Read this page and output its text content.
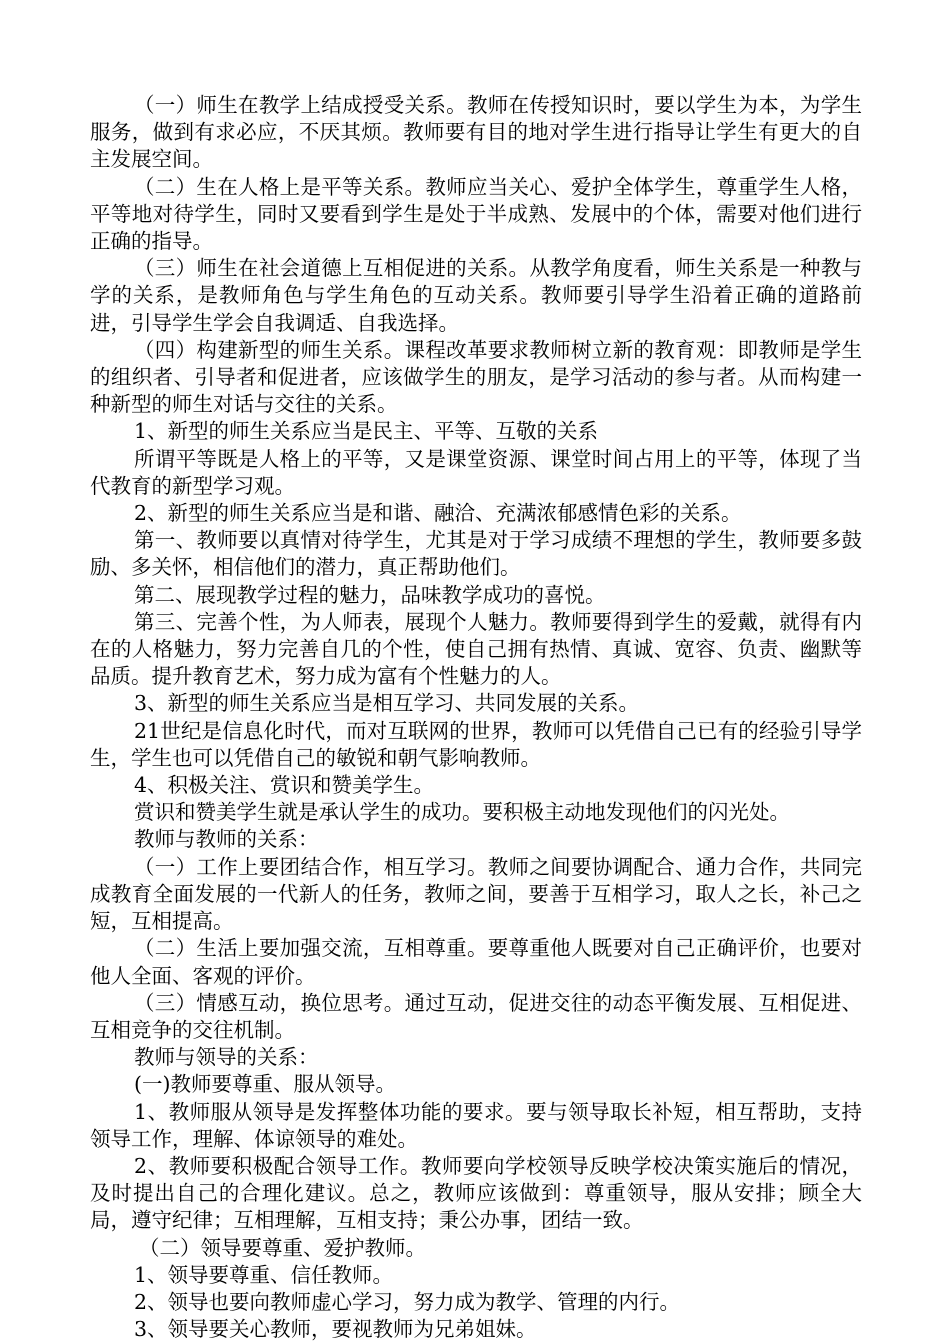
（一）师生在教学上结成授受关系。教师在传授知识时，要以学生为本，为学生服务，做到有求必应，不厌其烦。教师要有目的地对学生进行指导让学生有更大的自主发展空间。

（二）生在人格上是平等关系。教师应当关心、爱护全体学生，尊重学生人格，平等地对待学生，同时又要看到学生是处于半成熟、发展中的个体，需要对他们进行正确的指导。

（三）师生在社会道德上互相促进的关系。从教学角度看，师生关系是一种教与学的关系，是教师角色与学生角色的互动关系。教师要引导学生沿着正确的道路前进，引导学生学会自我调适、自我选择。

（四）构建新型的师生关系。课程改革要求教师树立新的教育观：即教师是学生的组织者、引导者和促进者，应该做学生的朋友，是学习活动的参与者。从而构建一种新型的师生对话与交往的关系。

1、新型的师生关系应当是民主、平等、互敬的关系

所谓平等既是人格上的平等，又是课堂资源、课堂时间占用上的平等，体现了当代教育的新型学习观。

2、新型的师生关系应当是和谐、融洽、充满浓郁感情色彩的关系。

第一、教师要以真情对待学生，尤其是对于学习成绩不理想的学生，教师要多鼓励、多关怀，相信他们的潜力，真正帮助他们。

第二、展现教学过程的魅力，品味教学成功的喜悦。

第三、完善个性，为人师表，展现个人魅力。教师要得到学生的爱戴，就得有内在的人格魅力，努力完善自几的个性，使自己拥有热情、真诚、宽容、负责、幽默等品质。提升教育艺术，努力成为富有个性魅力的人。

3、新型的师生关系应当是相互学习、共同发展的关系。

21世纪是信息化时代，而对互联网的世界，教师可以凭借自己已有的经验引导学生，学生也可以凭借自己的敏锐和朝气影响教师。

4、积极关注、赏识和赞美学生。

赏识和赞美学生就是承认学生的成功。要积极主动地发现他们的闪光处。

教师与教师的关系：

（一）工作上要团结合作，相互学习。教师之间要协调配合、通力合作，共同完成教育全面发展的一代新人的任务，教师之间，要善于互相学习，取人之长，补己之短，互相提高。

（二）生活上要加强交流，互相尊重。要尊重他人既要对自己正确评价，也要对他人全面、客观的评价。

（三）情感互动，换位思考。通过互动，促进交往的动态平衡发展、互相促进、互相竞争的交往机制。

教师与领导的关系：

(一)教师要尊重、服从领导。

1、教师服从领导是发挥整体功能的要求。要与领导取长补短，相互帮助，支持领导工作，理解、体谅领导的难处。

2、教师要积极配合领导工作。教师要向学校领导反映学校决策实施后的情况，及时提出自己的合理化建议。总之，教师应该做到：尊重领导，服从安排；顾全大局，遵守纪律；互相理解，互相支持；秉公办事，团结一致。

（二）领导要尊重、爱护教师。

1、领导要尊重、信任教师。

2、领导也要向教师虚心学习，努力成为教学、管理的内行。

3、领导要关心教师，要视教师为兄弟姐妹。
